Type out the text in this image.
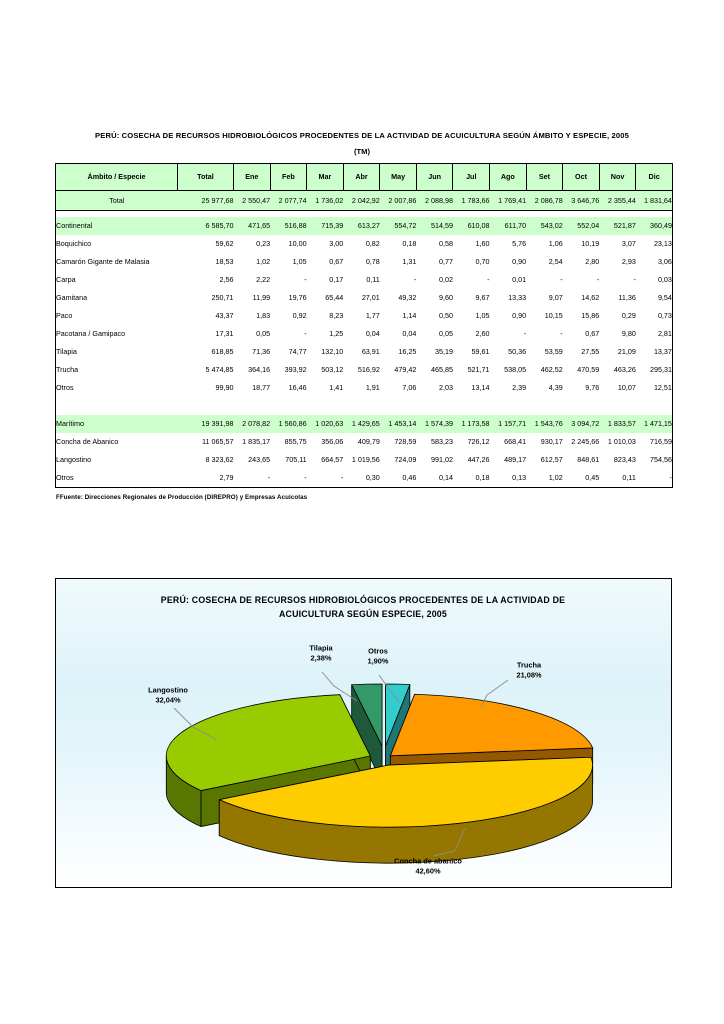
PERÚ: COSECHA DE RECURSOS HIDROBIOLÓGICOS PROCEDENTES DE LA ACTIVIDAD DE ACUICULTURA SEGÚN ÁMBITO Y ESPECIE, 2005
(TM)
Ámbito / Especie	Total	Ene	Feb	Mar	Abr	May	Jun	Jul	Ago	Set	Oct	Nov	Dic
Total	25 977,68	2 550,47	2 077,74	1 736,02	2 042,92	2 007,86	2 088,98	1 783,66	1 769,41	2 086,78	3 646,76	2 355,44	1 831,64

Continental	6 585,70	471,65	516,88	715,39	613,27	554,72	514,59	610,08	611,70	543,02	552,04	521,87	360,49
Boquichico	59,62	0,23	10,00	3,00	0,82	0,18	0,58	1,60	5,76	1,06	10,19	3,07	23,13
Camarón Gigante de Malasia	18,53	1,02	1,05	0,67	0,78	1,31	0,77	0,70	0,90	2,54	2,80	2,93	3,06
Carpa	2,56	2,22	-	0,17	0,11	-	0,02	-	0,01	-	-	-	0,03
Gamitana	250,71	11,99	19,76	65,44	27,01	49,32	9,60	9,67	13,33	9,07	14,62	11,36	9,54
Paco	43,37	1,83	0,92	8,23	1,77	1,14	0,50	1,05	0,90	10,15	15,86	0,29	0,73
Pacotana / Gamipaco	17,31	0,05	-	1,25	0,04	0,04	0,05	2,60	-	-	0,67	9,80	2,81
Tilapia	618,85	71,36	74,77	132,10	63,91	16,25	35,19	59,61	50,36	53,59	27,55	21,09	13,37
Trucha	5 474,85	364,16	393,92	503,12	516,92	479,42	465,85	521,71	538,05	462,52	470,59	463,26	295,31
Otros	99,90	18,77	16,46	1,41	1,91	7,06	2,03	13,14	2,39	4,39	9,76	10,07	12,51

Marítimo	19 391,98	2 078,82	1 560,86	1 020,63	1 429,65	1 453,14	1 574,39	1 173,58	1 157,71	1 543,76	3 094,72	1 833,57	1 471,15
Concha de Abanico	11 065,57	1 835,17	855,75	356,06	409,79	728,59	583,23	726,12	668,41	930,17	2 245,66	1 010,03	716,59
Langostino	8 323,62	243,65	705,11	664,57	1 019,56	724,09	991,02	447,26	489,17	612,57	848,61	823,43	754,56
Otros	2,79	-	-	-	0,30	0,46	0,14	0,18	0,13	1,02	0,45	0,11	-
FFuente: Direcciones Regionales de Producción (DIREPRO) y Empresas Acuícolas
PERÚ: COSECHA DE RECURSOS HIDROBIOLÓGICOS PROCEDENTES DE LA ACTIVIDAD DE ACUICULTURA SEGÚN ESPECIE, 2005
Trucha
21,08%
Concha de abanico
42,60%
Langostino
32,04%
Tilapia
2,38%
Otros
1,90%
